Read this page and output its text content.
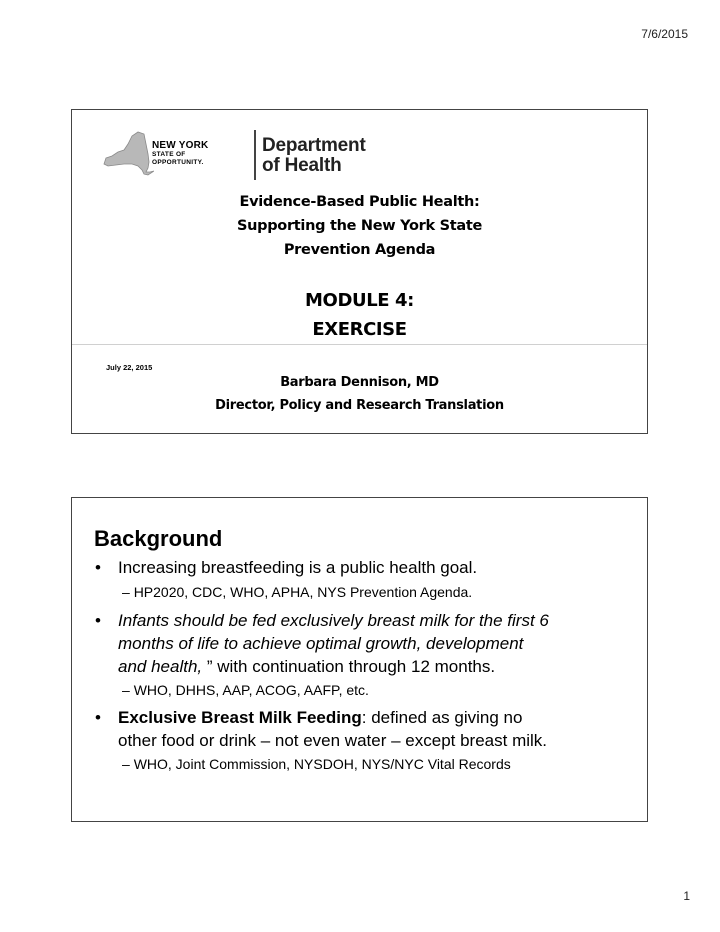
7/6/2015
NEW YORK
STATE OF
OPPORTUNITY.
Department
of Health
Evidence-Based Public Health:
Supporting the New York State
Prevention Agenda
MODULE 4:
EXERCISE
July 22, 2015
Barbara Dennison, MD
Director, Policy and Research Translation
Background
• Increasing breastfeeding is a public health goal.
– HP2020, CDC, WHO, APHA, NYS Prevention Agenda.
• Infants should be fed exclusively breast milk for the first 6
months of life to achieve optimal growth, development
and health, ” with continuation through 12 months.
– WHO, DHHS, AAP, ACOG, AAFP, etc.
• Exclusive Breast Milk Feeding: defined as giving no
other food or drink – not even water – except breast milk.
– WHO, Joint Commission, NYSDOH, NYS/NYC Vital Records
1
